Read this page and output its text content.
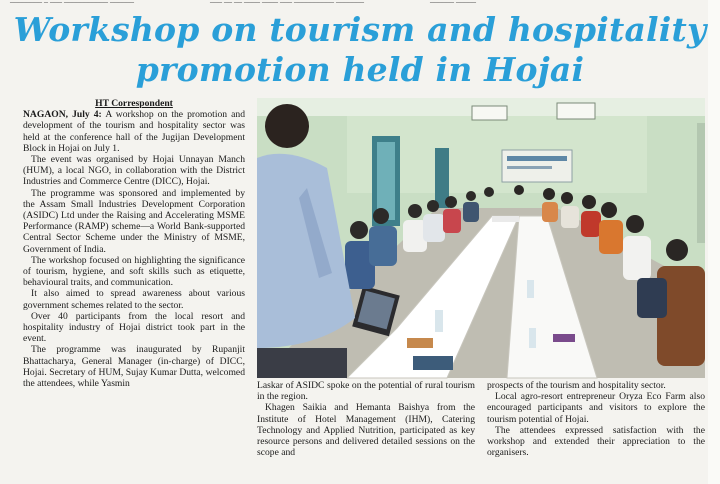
Workshop on tourism and hospitality
promotion held in Hojai

HT Correspondent

NAGAON, July 4: A workshop on the promotion and development of the tourism and hospitality sector was held at the conference hall of the Jugijan Development Block in Hojai on July 1.

The event was organised by Hojai Unnayan Manch (HUM), a local NGO, in collaboration with the District Industries and Commerce Centre (DICC), Hojai.

The programme was sponsored and implemented by the Assam Small Industries Development Corporation (ASIDC) Ltd under the Raising and Accelerating MSME Performance (RAMP) scheme—a World Bank-supported Central Sector Scheme under the Ministry of MSME, Government of India.

The workshop focused on highlighting the significance of tourism, hygiene, and soft skills such as etiquette, behavioural traits, and communication.

It also aimed to spread awareness about various government schemes related to the sector.

Over 40 participants from the local resort and hospitality industry of Hojai district took part in the event.

The programme was inaugurated by Rupanjit Bhattacharya, General Manager (in-charge) of DICC, Hojai. Secretary of HUM, Sujay Kumar Dutta, welcomed the attendees, while Yasmin	Laskar of ASIDC spoke on the potential of rural tourism in the region.

Khagen Saikia and Hemanta Baishya from the Institute of Hotel Management (IHM), Catering Technology and Applied Nutrition, participated as key resource persons and delivered detailed sessions on the scope and

prospects of the tourism and hospitality sector.

Local agro-resort entrepreneur Oryza Eco Farm also encouraged participants and visitors to explore the tourism potential of Hojai.

The attendees expressed satisfaction with the workshop and extended their appreciation to the organisers.
